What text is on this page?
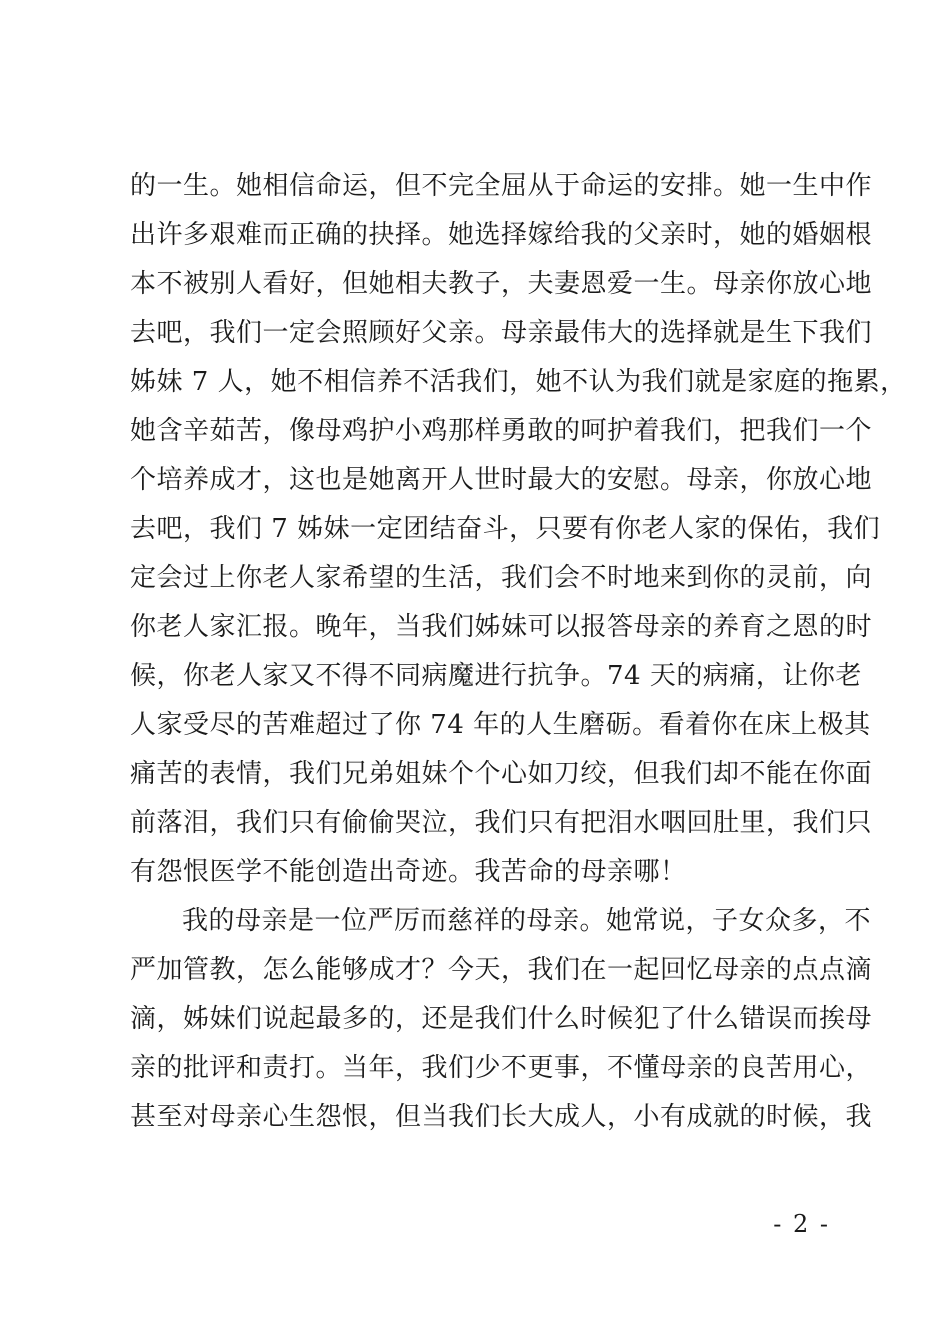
的一生。她相信命运，但不完全屈从于命运的安排。她一生中作
出许多艰难而正确的抉择。她选择嫁给我的父亲时，她的婚姻根
本不被别人看好，但她相夫教子，夫妻恩爱一生。母亲你放心地
去吧，我们一定会照顾好父亲。母亲最伟大的选择就是生下我们
姊妹 7 人，她不相信养不活我们，她不认为我们就是家庭的拖累，
她含辛茹苦，像母鸡护小鸡那样勇敢的呵护着我们，把我们一个
个培养成才，这也是她离开人世时最大的安慰。母亲，你放心地
去吧，我们 7 姊妹一定团结奋斗，只要有你老人家的保佑，我们
定会过上你老人家希望的生活，我们会不时地来到你的灵前，向
你老人家汇报。晚年，当我们姊妹可以报答母亲的养育之恩的时
候，你老人家又不得不同病魔进行抗争。74 天的病痛，让你老
人家受尽的苦难超过了你 74 年的人生磨砺。看着你在床上极其
痛苦的表情，我们兄弟姐妹个个心如刀绞，但我们却不能在你面
前落泪，我们只有偷偷哭泣，我们只有把泪水咽回肚里，我们只
有怨恨医学不能创造出奇迹。我苦命的母亲哪！
我的母亲是一位严厉而慈祥的母亲。她常说，子女众多，不
严加管教，怎么能够成才？今天，我们在一起回忆母亲的点点滴
滴，姊妹们说起最多的，还是我们什么时候犯了什么错误而挨母
亲的批评和责打。当年，我们少不更事，不懂母亲的良苦用心，
甚至对母亲心生怨恨，但当我们长大成人，小有成就的时候，我
- 2 -
